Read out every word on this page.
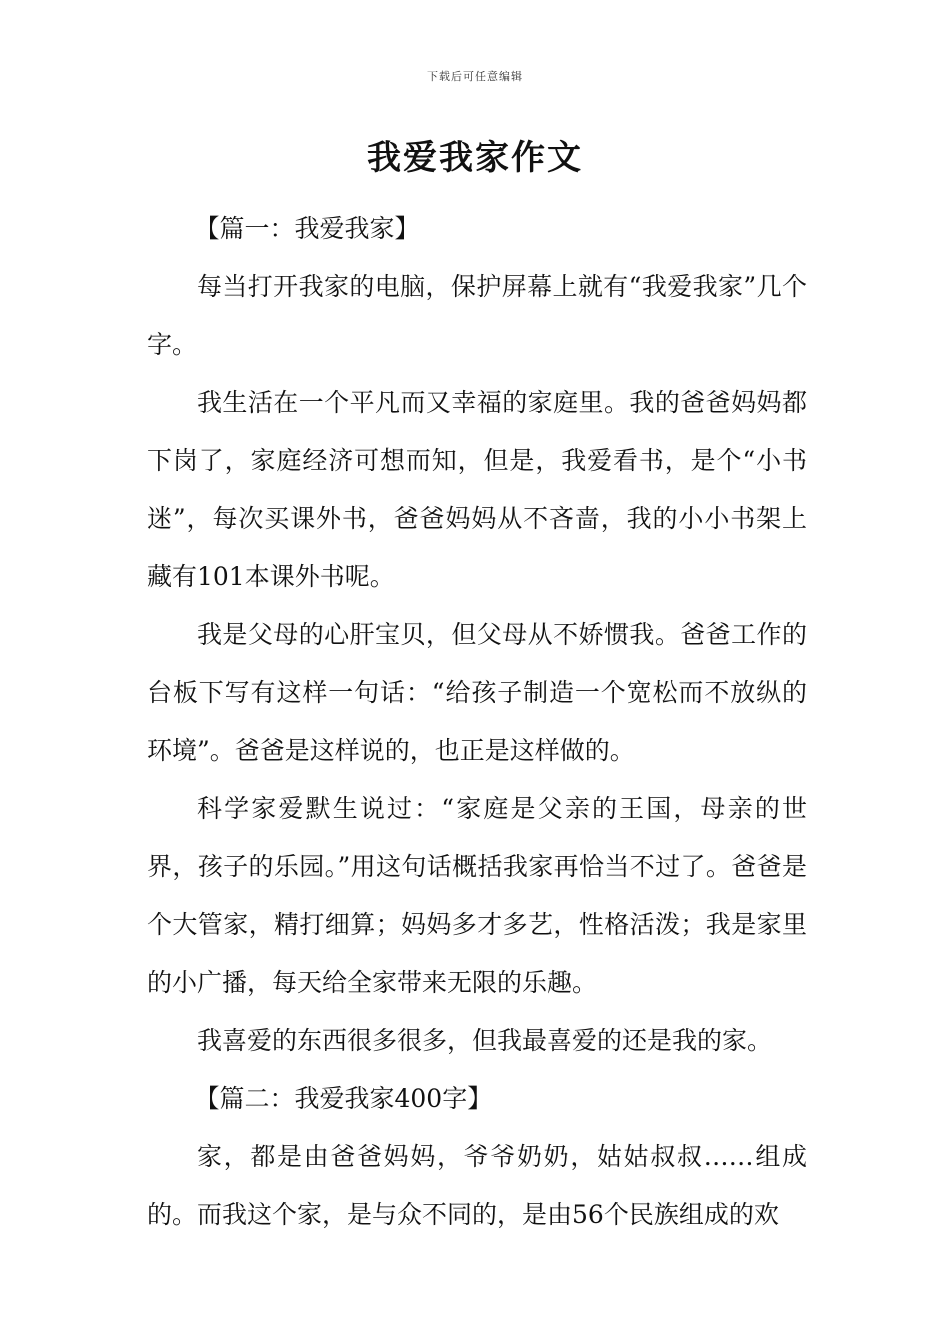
下载后可任意编辑
我爱我家作文

【篇一：我爱我家】

每当打开我家的电脑，保护屏幕上就有“我爱我家”几个字。

我生活在一个平凡而又幸福的家庭里。我的爸爸妈妈都下岗了，家庭经济可想而知，但是，我爱看书，是个“小书迷”，每次买课外书，爸爸妈妈从不吝啬，我的小小书架上藏有101本课外书呢。

我是父母的心肝宝贝，但父母从不娇惯我。爸爸工作的台板下写有这样一句话：“给孩子制造一个宽松而不放纵的环境”。爸爸是这样说的，也正是这样做的。

科学家爱默生说过：“家庭是父亲的王国，母亲的世界，孩子的乐园。”用这句话概括我家再恰当不过了。爸爸是个大管家，精打细算；妈妈多才多艺，性格活泼；我是家里的小广播，每天给全家带来无限的乐趣。

我喜爱的东西很多很多，但我最喜爱的还是我的家。

【篇二：我爱我家400字】

家，都是由爸爸妈妈，爷爷奶奶，姑姑叔叔……组成的。而我这个家，是与众不同的，是由56个民族组成的欢
